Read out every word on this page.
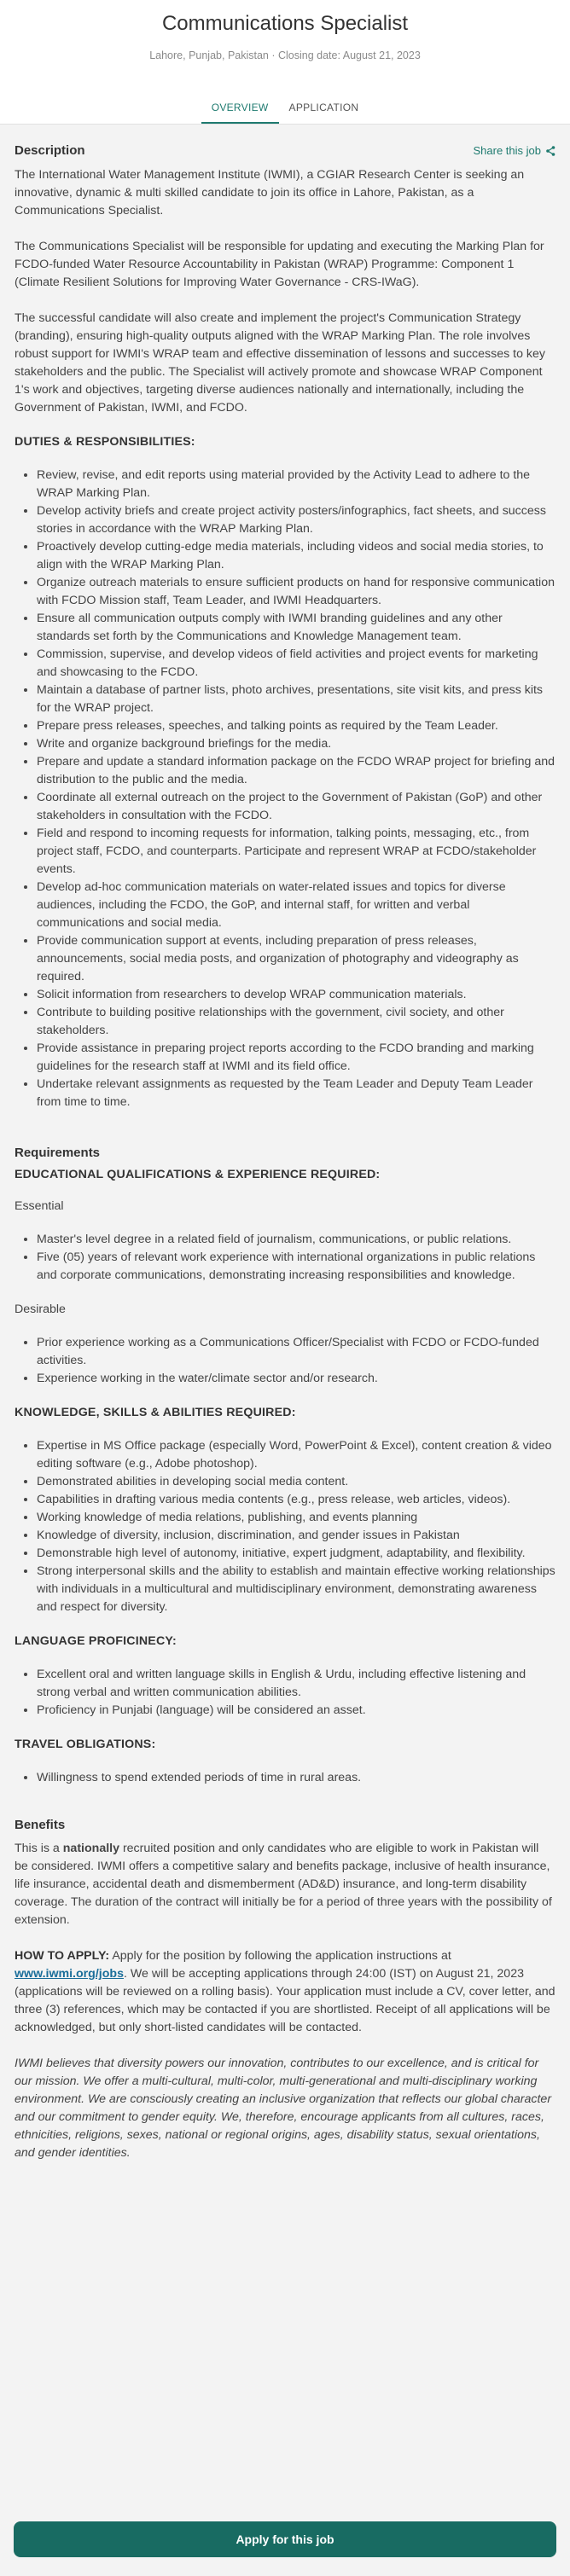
Communications Specialist
Lahore, Punjab, Pakistan · Closing date: August 21, 2023
OVERVIEW	APPLICATION
Description	Share this job

The International Water Management Institute (IWMI), a CGIAR Research Center is seeking an innovative, dynamic & multi skilled candidate to join its office in Lahore, Pakistan, as a Communications Specialist.

The Communications Specialist will be responsible for updating and executing the Marking Plan for FCDO-funded Water Resource Accountability in Pakistan (WRAP) Programme: Component 1 (Climate Resilient Solutions for Improving Water Governance - CRS-IWaG).

The successful candidate will also create and implement the project's Communication Strategy (branding), ensuring high-quality outputs aligned with the WRAP Marking Plan. The role involves robust support for IWMI's WRAP team and effective dissemination of lessons and successes to key stakeholders and the public. The Specialist will actively promote and showcase WRAP Component 1's work and objectives, targeting diverse audiences nationally and internationally, including the Government of Pakistan, IWMI, and FCDO.

DUTIES & RESPONSIBILITIES:
• Review, revise, and edit reports using material provided by the Activity Lead to adhere to the WRAP Marking Plan.
• Develop activity briefs and create project activity posters/infographics, fact sheets, and success stories in accordance with the WRAP Marking Plan.
• Proactively develop cutting-edge media materials, including videos and social media stories, to align with the WRAP Marking Plan.
• Organize outreach materials to ensure sufficient products on hand for responsive communication with FCDO Mission staff, Team Leader, and IWMI Headquarters.
• Ensure all communication outputs comply with IWMI branding guidelines and any other standards set forth by the Communications and Knowledge Management team.
• Commission, supervise, and develop videos of field activities and project events for marketing and showcasing to the FCDO.
• Maintain a database of partner lists, photo archives, presentations, site visit kits, and press kits for the WRAP project.
• Prepare press releases, speeches, and talking points as required by the Team Leader.
• Write and organize background briefings for the media.
• Prepare and update a standard information package on the FCDO WRAP project for briefing and distribution to the public and the media.
• Coordinate all external outreach on the project to the Government of Pakistan (GoP) and other stakeholders in consultation with the FCDO.
• Field and respond to incoming requests for information, talking points, messaging, etc., from project staff, FCDO, and counterparts. Participate and represent WRAP at FCDO/stakeholder events.
• Develop ad-hoc communication materials on water-related issues and topics for diverse audiences, including the FCDO, the GoP, and internal staff, for written and verbal communications and social media.
• Provide communication support at events, including preparation of press releases, announcements, social media posts, and organization of photography and videography as required.
• Solicit information from researchers to develop WRAP communication materials.
• Contribute to building positive relationships with the government, civil society, and other stakeholders.
• Provide assistance in preparing project reports according to the FCDO branding and marking guidelines for the research staff at IWMI and its field office.
• Undertake relevant assignments as requested by the Team Leader and Deputy Team Leader from time to time.
Requirements
EDUCATIONAL QUALIFICATIONS & EXPERIENCE REQUIRED:
Essential
• Master's level degree in a related field of journalism, communications, or public relations.
• Five (05) years of relevant work experience with international organizations in public relations and corporate communications, demonstrating increasing responsibilities and knowledge.
Desirable
• Prior experience working as a Communications Officer/Specialist with FCDO or FCDO-funded activities.
• Experience working in the water/climate sector and/or research.
KNOWLEDGE, SKILLS & ABILITIES REQUIRED:
• Expertise in MS Office package (especially Word, PowerPoint & Excel), content creation & video editing software (e.g., Adobe photoshop).
• Demonstrated abilities in developing social media content.
• Capabilities in drafting various media contents (e.g., press release, web articles, videos).
• Working knowledge of media relations, publishing, and events planning
• Knowledge of diversity, inclusion, discrimination, and gender issues in Pakistan
• Demonstrable high level of autonomy, initiative, expert judgment, adaptability, and flexibility.
• Strong interpersonal skills and the ability to establish and maintain effective working relationships with individuals in a multicultural and multidisciplinary environment, demonstrating awareness and respect for diversity.
LANGUAGE PROFICINECY:
• Excellent oral and written language skills in English & Urdu, including effective listening and strong verbal and written communication abilities.
• Proficiency in Punjabi (language) will be considered an asset.
TRAVEL OBLIGATIONS:
• Willingness to spend extended periods of time in rural areas.
Benefits

This is a nationally recruited position and only candidates who are eligible to work in Pakistan will be considered. IWMI offers a competitive salary and benefits package, inclusive of health insurance, life insurance, accidental death and dismemberment (AD&D) insurance, and long-term disability coverage. The duration of the contract will initially be for a period of three years with the possibility of extension.

HOW TO APPLY: Apply for the position by following the application instructions at www.iwmi.org/jobs. We will be accepting applications through 24:00 (IST) on August 21, 2023 (applications will be reviewed on a rolling basis). Your application must include a CV, cover letter, and three (3) references, which may be contacted if you are shortlisted. Receipt of all applications will be acknowledged, but only short-listed candidates will be contacted.

IWMI believes that diversity powers our innovation, contributes to our excellence, and is critical for our mission. We offer a multi-cultural, multi-color, multi-generational and multi-disciplinary working environment. We are consciously creating an inclusive organization that reflects our global character and our commitment to gender equity. We, therefore, encourage applicants from all cultures, races, ethnicities, religions, sexes, national or regional origins, ages, disability status, sexual orientations, and gender identities.

Apply for this job
